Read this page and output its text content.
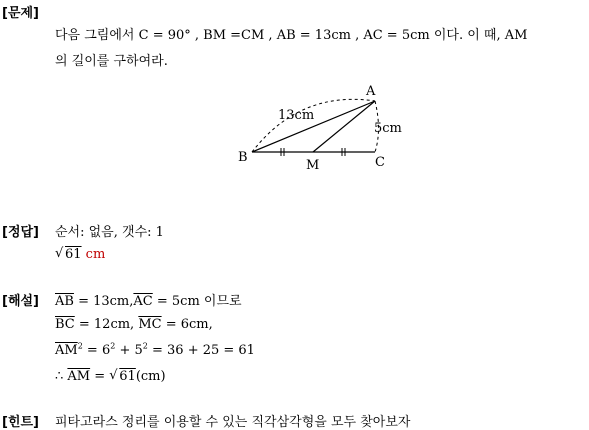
[문제]
다음 그림에서 C = 90° , BM =CM , AB = 13cm , AC = 5cm 이다. 이 때, AM
의 길이를 구하여라.
A
B	C
M
13cm
5cm
[정답] 순서: 없음, 갯수: 1
√ 61 cm
[해설] $\overline{AB} = 13cm,\overline{AC} = 5cm$ 이므로
$\overline{BC} = 12cm$, $\overline{MC} = 6cm$,
$\overline{AM}^2 = 6^2 + 5^2 = 36 + 25 = 61$
∴ $\overline{AM}$ = √ 61(cm)
[힌트] 피타고라스 정리를 이용할 수 있는 직각삼각형을 모두 찾아보자
